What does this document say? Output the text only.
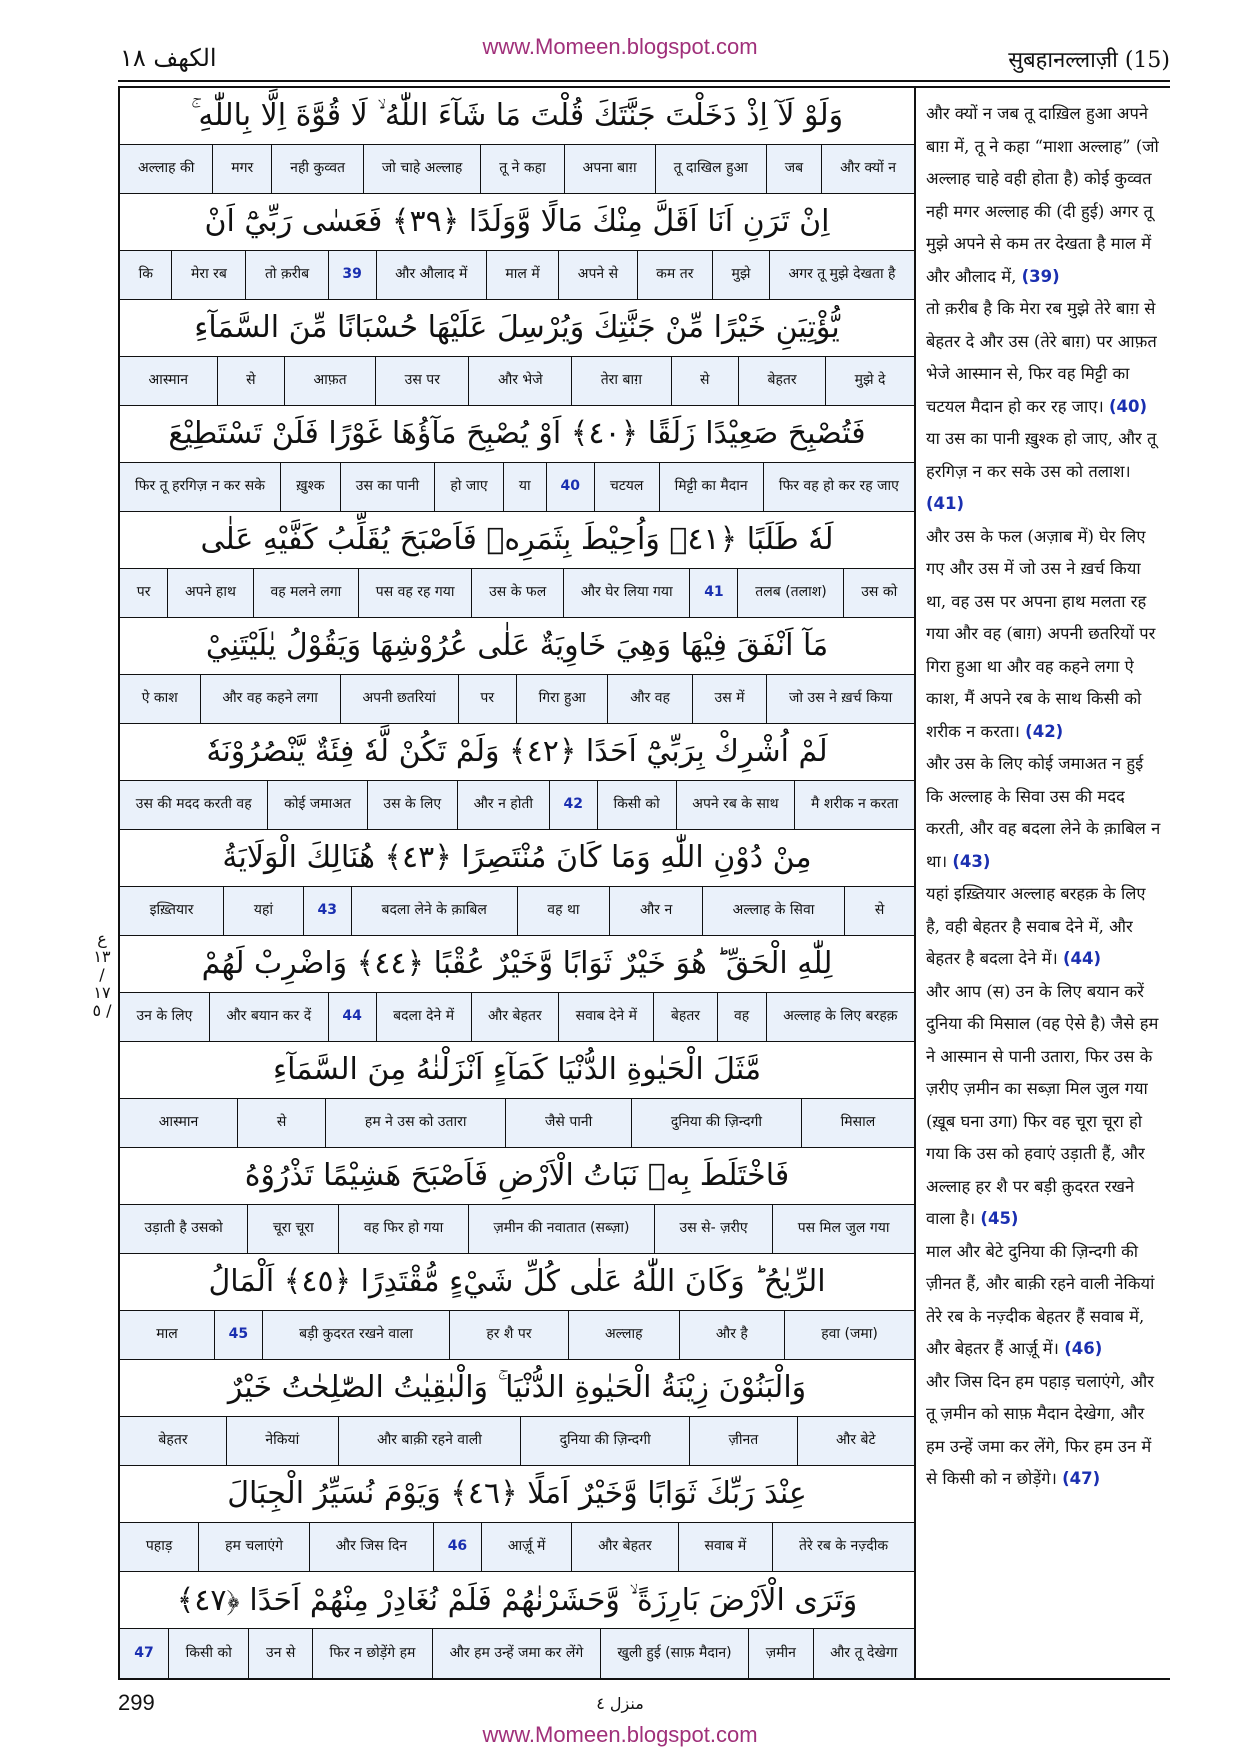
www.Momeen.blogspot.com
الكهف ١٨	सुबहानल्लाज़ी (15)
وَلَوْ لَآ اِذْ دَخَلْتَ جَنَّتَكَ قُلْتَ مَا شَآءَ اللّٰهُ ۙ لَا قُوَّةَ اِلَّا بِاللّٰهِ ۚ
और क्यों न
जब
तू दाखिल हुआ
अपना बाग़
तू ने कहा
जो चाहे अल्लाह
नही कुव्वत
मगर
अल्लाह की
اِنْ تَرَنِ اَنَا اَقَلَّ مِنْكَ مَالًا وَّوَلَدًا ﴿٣٩﴾ فَعَسٰى رَبِّيْٓ اَنْ
अगर तू मुझे देखता है
मुझे
कम तर
अपने से
माल में
और औलाद में
39
तो क़रीब
मेरा रब
कि
يُّؤْتِيَنِ خَيْرًا مِّنْ جَنَّتِكَ وَيُرْسِلَ عَلَيْهَا حُسْبَانًا مِّنَ السَّمَآءِ
मुझे दे
बेहतर
से
तेरा बाग़
और भेजे
उस पर
आफ़त
से
आस्मान
فَتُصْبِحَ صَعِيْدًا زَلَقًا ﴿٤٠﴾ اَوْ يُصْبِحَ مَآؤُهَا غَوْرًا فَلَنْ تَسْتَطِيْعَ
फिर वह हो कर रह जाए
मिट्टी का मैदान
चटयल
40
या
हो जाए
उस का पानी
ख़ुश्क
फिर तू हरगिज़ न कर सके
لَهٗ طَلَبًا ﴿٤١﴾ وَاُحِيْطَ بِثَمَرِهٖ فَاَصْبَحَ يُقَلِّبُ كَفَّيْهِ عَلٰى
उस को
तलब (तलाश)
41
और घेर लिया गया
उस के फल
पस वह रह गया
वह मलने लगा
अपने हाथ
पर
مَآ اَنْفَقَ فِيْهَا وَهِيَ خَاوِيَةٌ عَلٰى عُرُوْشِهَا وَيَقُوْلُ يٰلَيْتَنِيْ
जो उस ने ख़र्च किया
उस में
और वह
गिरा हुआ
पर
अपनी छतरियां
और वह कहने लगा
ऐ काश
لَمْ اُشْرِكْ بِرَبِّيْٓ اَحَدًا ﴿٤٢﴾ وَلَمْ تَكُنْ لَّهٗ فِئَةٌ يَّنْصُرُوْنَهٗ
मै शरीक न करता
अपने रब के साथ
किसी को
42
और न होती
उस के लिए
कोई जमाअत
उस की मदद करती वह
مِنْ دُوْنِ اللّٰهِ وَمَا كَانَ مُنْتَصِرًا ﴿٤٣﴾ هُنَالِكَ الْوَلَايَةُ
से
अल्लाह के सिवा
और न
वह था
बदला लेने के क़ाबिल
43
यहां
इख़्तियार
لِلّٰهِ الْحَقِّ ؕ هُوَ خَيْرٌ ثَوَابًا وَّخَيْرٌ عُقْبًا ﴿٤٤﴾ وَاضْرِبْ لَهُمْ
अल्लाह के लिए बरहक़
वह
बेहतर
सवाब देने में
और बेहतर
बदला देने में
44
और बयान कर दें
उन के लिए
مَّثَلَ الْحَيٰوةِ الدُّنْيَا كَمَآءٍ اَنْزَلْنٰهُ مِنَ السَّمَآءِ
मिसाल
दुनिया की ज़िन्दगी
जैसे पानी
हम ने उस को उतारा
से
आस्मान
فَاخْتَلَطَ بِهٖ نَبَاتُ الْاَرْضِ فَاَصْبَحَ هَشِيْمًا تَذْرُوْهُ
पस मिल जुल गया
उस से- ज़रीए
ज़मीन की नवातात (सब्ज़ा)
वह फिर हो गया
चूरा चूरा
उड़ाती है उसको
الرِّيٰحُ ؕ وَكَانَ اللّٰهُ عَلٰى كُلِّ شَيْءٍ مُّقْتَدِرًا ﴿٤٥﴾ اَلْمَالُ
हवा (जमा)
और है
अल्लाह
हर शै पर
बड़ी कुदरत रखने वाला
45
माल
وَالْبَنُوْنَ زِيْنَةُ الْحَيٰوةِ الدُّنْيَا ۚ وَالْبٰقِيٰتُ الصّٰلِحٰتُ خَيْرٌ
और बेटे
ज़ीनत
दुनिया की ज़िन्दगी
और बाक़ी रहने वाली
नेकियां
बेहतर
عِنْدَ رَبِّكَ ثَوَابًا وَّخَيْرٌ اَمَلًا ﴿٤٦﴾ وَيَوْمَ نُسَيِّرُ الْجِبَالَ
तेरे रब के नज़्दीक
सवाब में
और बेहतर
आर्ज़ू में
46
और जिस दिन
हम चलाएंगे
पहाड़
وَتَرَى الْاَرْضَ بَارِزَةً ۙ وَّحَشَرْنٰهُمْ فَلَمْ نُغَادِرْ مِنْهُمْ اَحَدًا ﴿٤٧﴾
और तू देखेगा
ज़मीन
खुली हुई (साफ़ मैदान)
और हम उन्हें जमा कर लेंगे
फिर न छोड़ेंगे हम
उन से
किसी को
47
और क्यों न जब तू दाख़िल हुआ अपने बाग़ में, तू ने कहा “माशा अल्लाह” (जो अल्लाह चाहे वही होता है) कोई कुव्वत नही मगर अल्लाह की (दी हुई) अगर तू मुझे अपने से कम तर देखता है माल में और औलाद में, (39)
तो क़रीब है कि मेरा रब मुझे तेरे बाग़ से बेहतर दे और उस (तेरे बाग़) पर आफ़त भेजे आस्मान से, फिर वह मिट्टी का चटयल मैदान हो कर रह जाए। (40)
या उस का पानी ख़ुश्क हो जाए, और तू हरगिज़ न कर सके उस को तलाश। (41)
और उस के फल (अज़ाब में) घेर लिए गए और उस में जो उस ने ख़र्च किया था, वह उस पर अपना हाथ मलता रह गया और वह (बाग़) अपनी छतरियों पर गिरा हुआ था और वह कहने लगा ऐ काश, मैं अपने रब के साथ किसी को शरीक न करता। (42)
और उस के लिए कोई जमाअत न हुई कि अल्लाह के सिवा उस की मदद करती, और वह बदला लेने के क़ाबिल न था। (43)
यहां इख़्तियार अल्लाह बरहक़ के लिए है, वही बेहतर है सवाब देने में, और बेहतर है बदला देने में। (44)
और आप (स) उन के लिए बयान करें दुनिया की मिसाल (वह ऐसे है) जैसे हम ने आस्मान से पानी उतारा, फिर उस के ज़रीए ज़मीन का सब्ज़ा मिल जुल गया (ख़ूब घना उगा) फिर वह चूरा चूरा हो गया कि उस को हवाएं उड़ाती हैं, और अल्लाह हर शै पर बड़ी क़ुदरत रखने वाला है। (45)
माल और बेटे दुनिया की ज़िन्दगी की ज़ीनत हैं, और बाक़ी रहने वाली नेकियां तेरे रब के नज़्दीक बेहतर हैं सवाब में, और बेहतर हैं आर्ज़ू में। (46)
और जिस दिन हम पहाड़ चलाएंगे, और तू ज़मीन को साफ़ मैदान देखेगा, और हम उन्हें जमा कर लेंगे, फिर हम उन में से किसी को न छोड़ेंगे। (47)

ع ١٣ / ١٧ / ٥
299	منزل ٤
www.Momeen.blogspot.com
